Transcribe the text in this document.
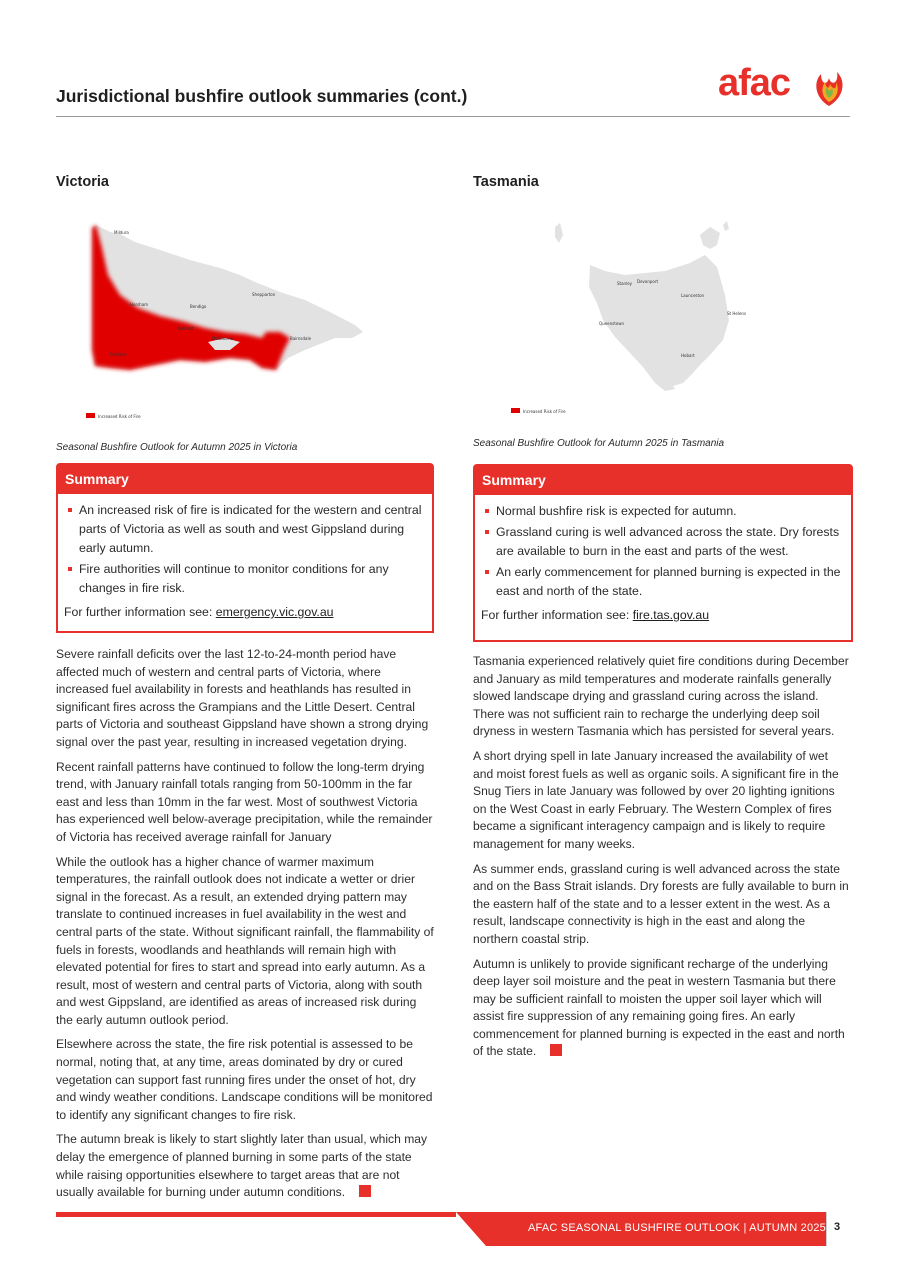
Jurisdictional bushfire outlook summaries (cont.)	afac
Victoria
Mildura
Horsham	Bendigo
Shepparton
Ballarat
Melbourne
Portland
Bairnsdale
Increased Risk of Fire
Seasonal Bushfire Outlook for Autumn 2025 in Victoria
Summary
An increased risk of fire is indicated for the western and central parts of Victoria as well as south and west Gippsland during early autumn.
Fire authorities will continue to monitor conditions for any changes in fire risk.
For further information see: emergency.vic.gov.au

Severe rainfall deficits over the last 12-to-24-month period have affected much of western and central parts of Victoria, where increased fuel availability in forests and heathlands has resulted in significant fires across the Grampians and the Little Desert. Central parts of Victoria and southeast Gippsland have shown a strong drying signal over the past year, resulting in increased vegetation drying.

Recent rainfall patterns have continued to follow the long-term drying trend, with January rainfall totals ranging from 50-100mm in the far east and less than 10mm in the far west. Most of southwest Victoria has experienced well below-average precipitation, while the remainder of Victoria has received average rainfall for January

While the outlook has a higher chance of warmer maximum temperatures, the rainfall outlook does not indicate a wetter or drier signal in the forecast. As a result, an extended drying pattern may translate to continued increases in fuel availability in the west and central parts of the state. Without significant rainfall, the flammability of fuels in forests, woodlands and heathlands will remain high with elevated potential for fires to start and spread into early autumn. As a result, most of western and central parts of Victoria, along with south and west Gippsland, are identified as areas of increased risk during the early autumn outlook period.

Elsewhere across the state, the fire risk potential is assessed to be normal, noting that, at any time, areas dominated by dry or cured vegetation can support fast running fires under the onset of hot, dry and windy weather conditions. Landscape conditions will be monitored to identify any significant changes to fire risk.

The autumn break is likely to start slightly later than usual, which may delay the emergence of planned burning in some parts of the state while raising opportunities elsewhere to target areas that are not usually available for burning under autumn conditions.

Tasmania
Stanley Devonport
Launceston
St Helens
Queenstown
Hobart
Increased Risk of Fire
Seasonal Bushfire Outlook for Autumn 2025 in Tasmania
Summary
Normal bushfire risk is expected for autumn.
Grassland curing is well advanced across the state. Dry forests are available to burn in the east and parts of the west.
An early commencement for planned burning is expected in the east and north of the state.
For further information see: fire.tas.gov.au

Tasmania experienced relatively quiet fire conditions during December and January as mild temperatures and moderate rainfalls generally slowed landscape drying and grassland curing across the island. There was not sufficient rain to recharge the underlying deep soil dryness in western Tasmania which has persisted for several years.

A short drying spell in late January increased the availability of wet and moist forest fuels as well as organic soils. A significant fire in the Snug Tiers in late January was followed by over 20 lighting ignitions on the West Coast in early February. The Western Complex of fires became a significant interagency campaign and is likely to require management for many weeks.

As summer ends, grassland curing is well advanced across the state and on the Bass Strait islands. Dry forests are fully available to burn in the eastern half of the state and to a lesser extent in the west. As a result, landscape connectivity is high in the east and along the northern coastal strip.

Autumn is unlikely to provide significant recharge of the underlying deep layer soil moisture and the peat in western Tasmania but there may be sufficient rainfall to moisten the upper soil layer which will assist fire suppression of any remaining going fires. An early commencement for planned burning is expected in the east and north of the state.

AFAC SEASONAL BUSHFIRE OUTLOOK | AUTUMN 2025 3
